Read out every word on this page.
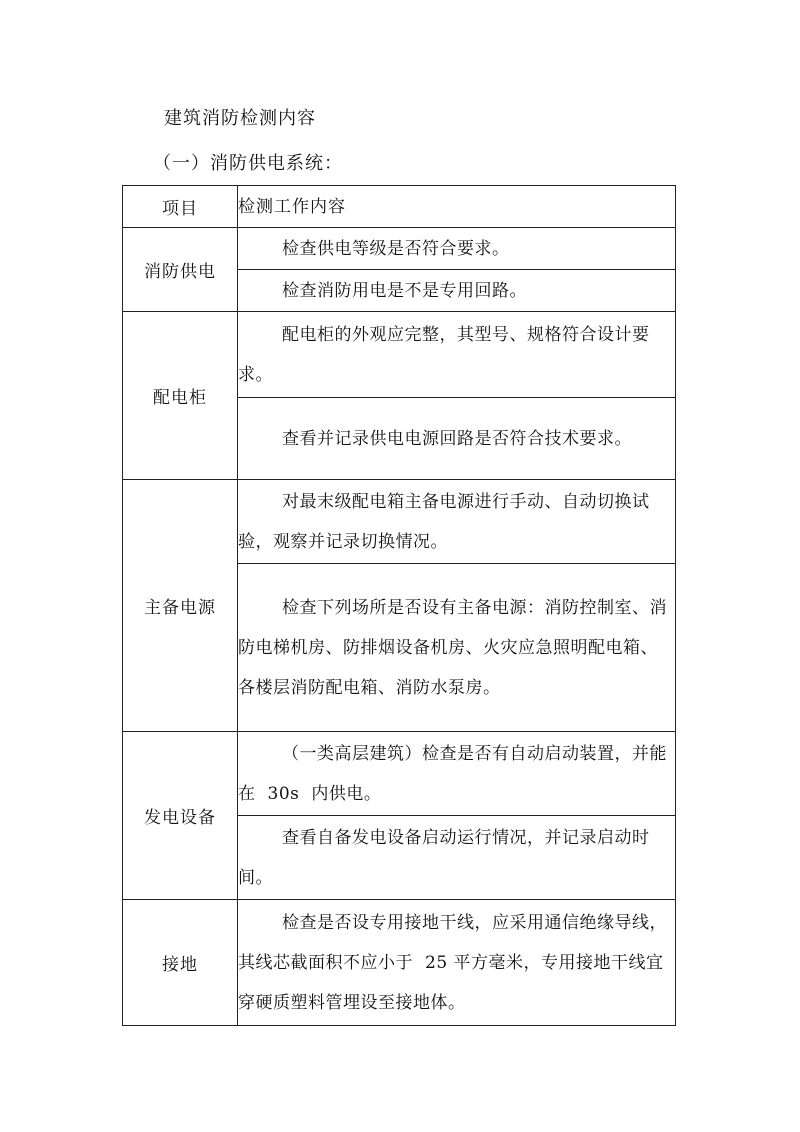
建筑消防检测内容
（一）消防供电系统：
项目	检测工作内容
消防供电	检查供电等级是否符合要求。

	检查消防用电是不是专用回路。

配电柜	配电柜的外观应完整，其型号、规格符合设计要求。

	查看并记录供电电源回路是否符合技术要求。

主备电源	对最末级配电箱主备电源进行手动、自动切换试验，观察并记录切换情况。

	检查下列场所是否设有主备电源：消防控制室、消防电梯机房、防排烟设备机房、火灾应急照明配电箱、各楼层消防配电箱、消防水泵房。

发电设备	（一类高层建筑）检查是否有自动启动装置，并能在 30s 内供电。

	查看自备发电设备启动运行情况，并记录启动时间。

接地	检查是否设专用接地干线，应采用通信绝缘导线，其线芯截面积不应小于 25 平方毫米，专用接地干线宜穿硬质塑料管埋设至接地体。
